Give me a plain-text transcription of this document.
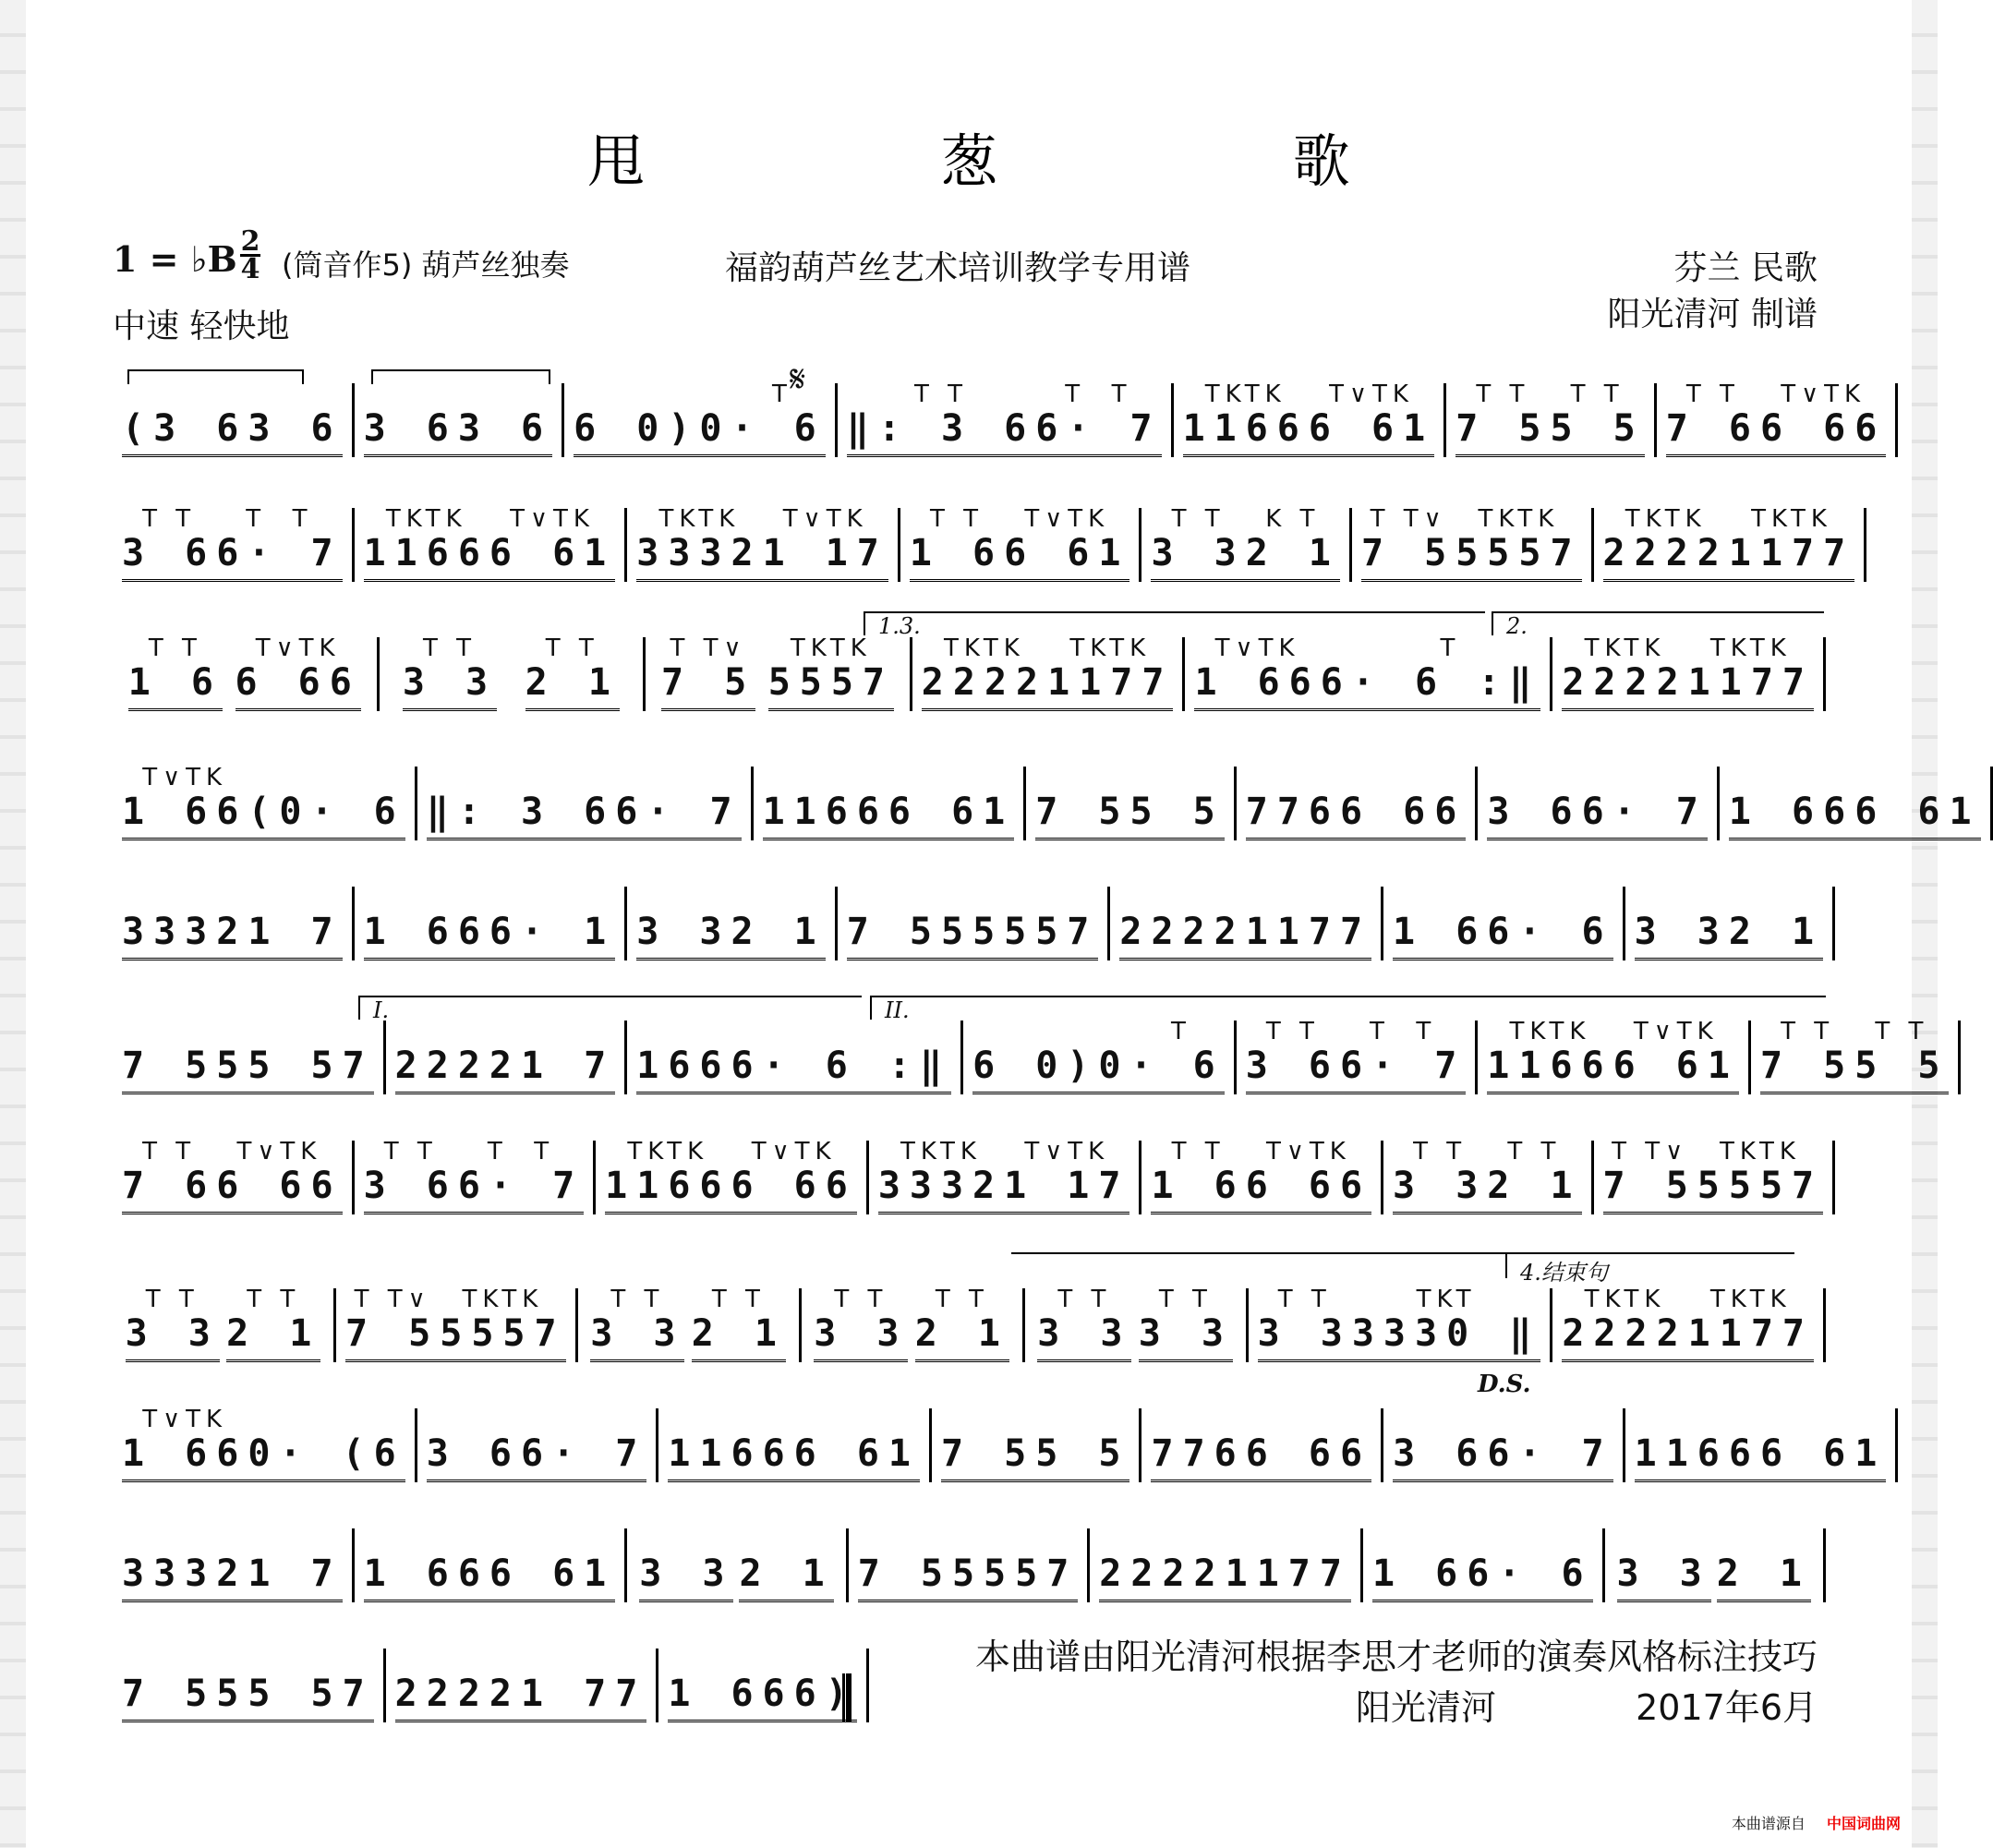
甩 葱 歌
1 = ♭B 2
4 (筒音作5) 葫芦丝独奏
中速 轻快地
福韵葫芦丝艺术培训教学专用谱	芬兰 民歌
阳光清河 制谱
(3 6 3 6 3 6 3 6 6 0)
T
0· 6
T T
‖: 3 6
T  T
6· 7
TKTK
1166
T∨TK
6 61
T T
7 5
T T
5 5
T T
7 6
T∨TK
6 66
T T
3 6
T  T
6· 7
TKTK
1166
T∨TK
6 61
TKTK
3332
T∨TK
1 17
T T
1 6
T∨TK
6 61
T T
3 3
K T
2 1
T T∨
7 5
TKTK
5557
TKTK
2222
TKTK
1177
T T
1 6
T∨TK
6 66
T T
3 3
T T
2 1
T T∨
7 5
TKTK
5557
TKTK
2222
TKTK
1177
T∨TK
1 66
T
6· 6 :‖
TKTK
2222
TKTK
1177
T∨TK
1 66 (0· 6 ‖: 3 6 6· 7 1166 6 61 7 5 5 5 776 6 66 3 6 6· 7 1 66 6 61
3332 1 7 1 66 6· 1 3 3 2 1 7 55 5557 2222 1177 1 6 6· 6 3 3 2 1
7 55 5 57 2222 1 7 166 6· 6 :‖ 6 0)
T
0· 6
T T
3 6
T  T
6· 7
TKTK
1166
T∨TK
6 61
T T
7 5
T T
5 5
T T
7 6
T∨TK
6 66
T T
3 6
T  T
6· 7
TKTK
1166
T∨TK
6 66
TKTK
3332
T∨TK
1 17
T T
1 6
T∨TK
6 66
T T
3 3
T T
2 1
T T∨
7 5
TKTK
5557
T T
3 3
T T
2 1
T T∨
7 5
TKTK
5557
T T
3 3
T T
2 1
T T
3 3
T T
2 1
T T
3 3
T T
3 3
T T
3 3
TKT
3330 ‖
TKTK
2222
TKTK
1177
T∨TK
1 66 0· (6 3 6 6· 7 1166 6 61 7 5 5 5 776 6 66 3 6 6· 7 1166 6 61
3332 1 7 1 66 6 61 3 3 2 1 7 5 5557 2222 1177 1 6 6· 6 3 3 2 1
7 55 5 57 2222 1 77 1 66 6)
𝄋
1.3.	2.
I.	II.
4.结束句
D.S.
本曲谱由阳光清河根据李思才老师的演奏风格标注技巧
阳光清河	2017年6月
本曲谱源自 中国词曲网
